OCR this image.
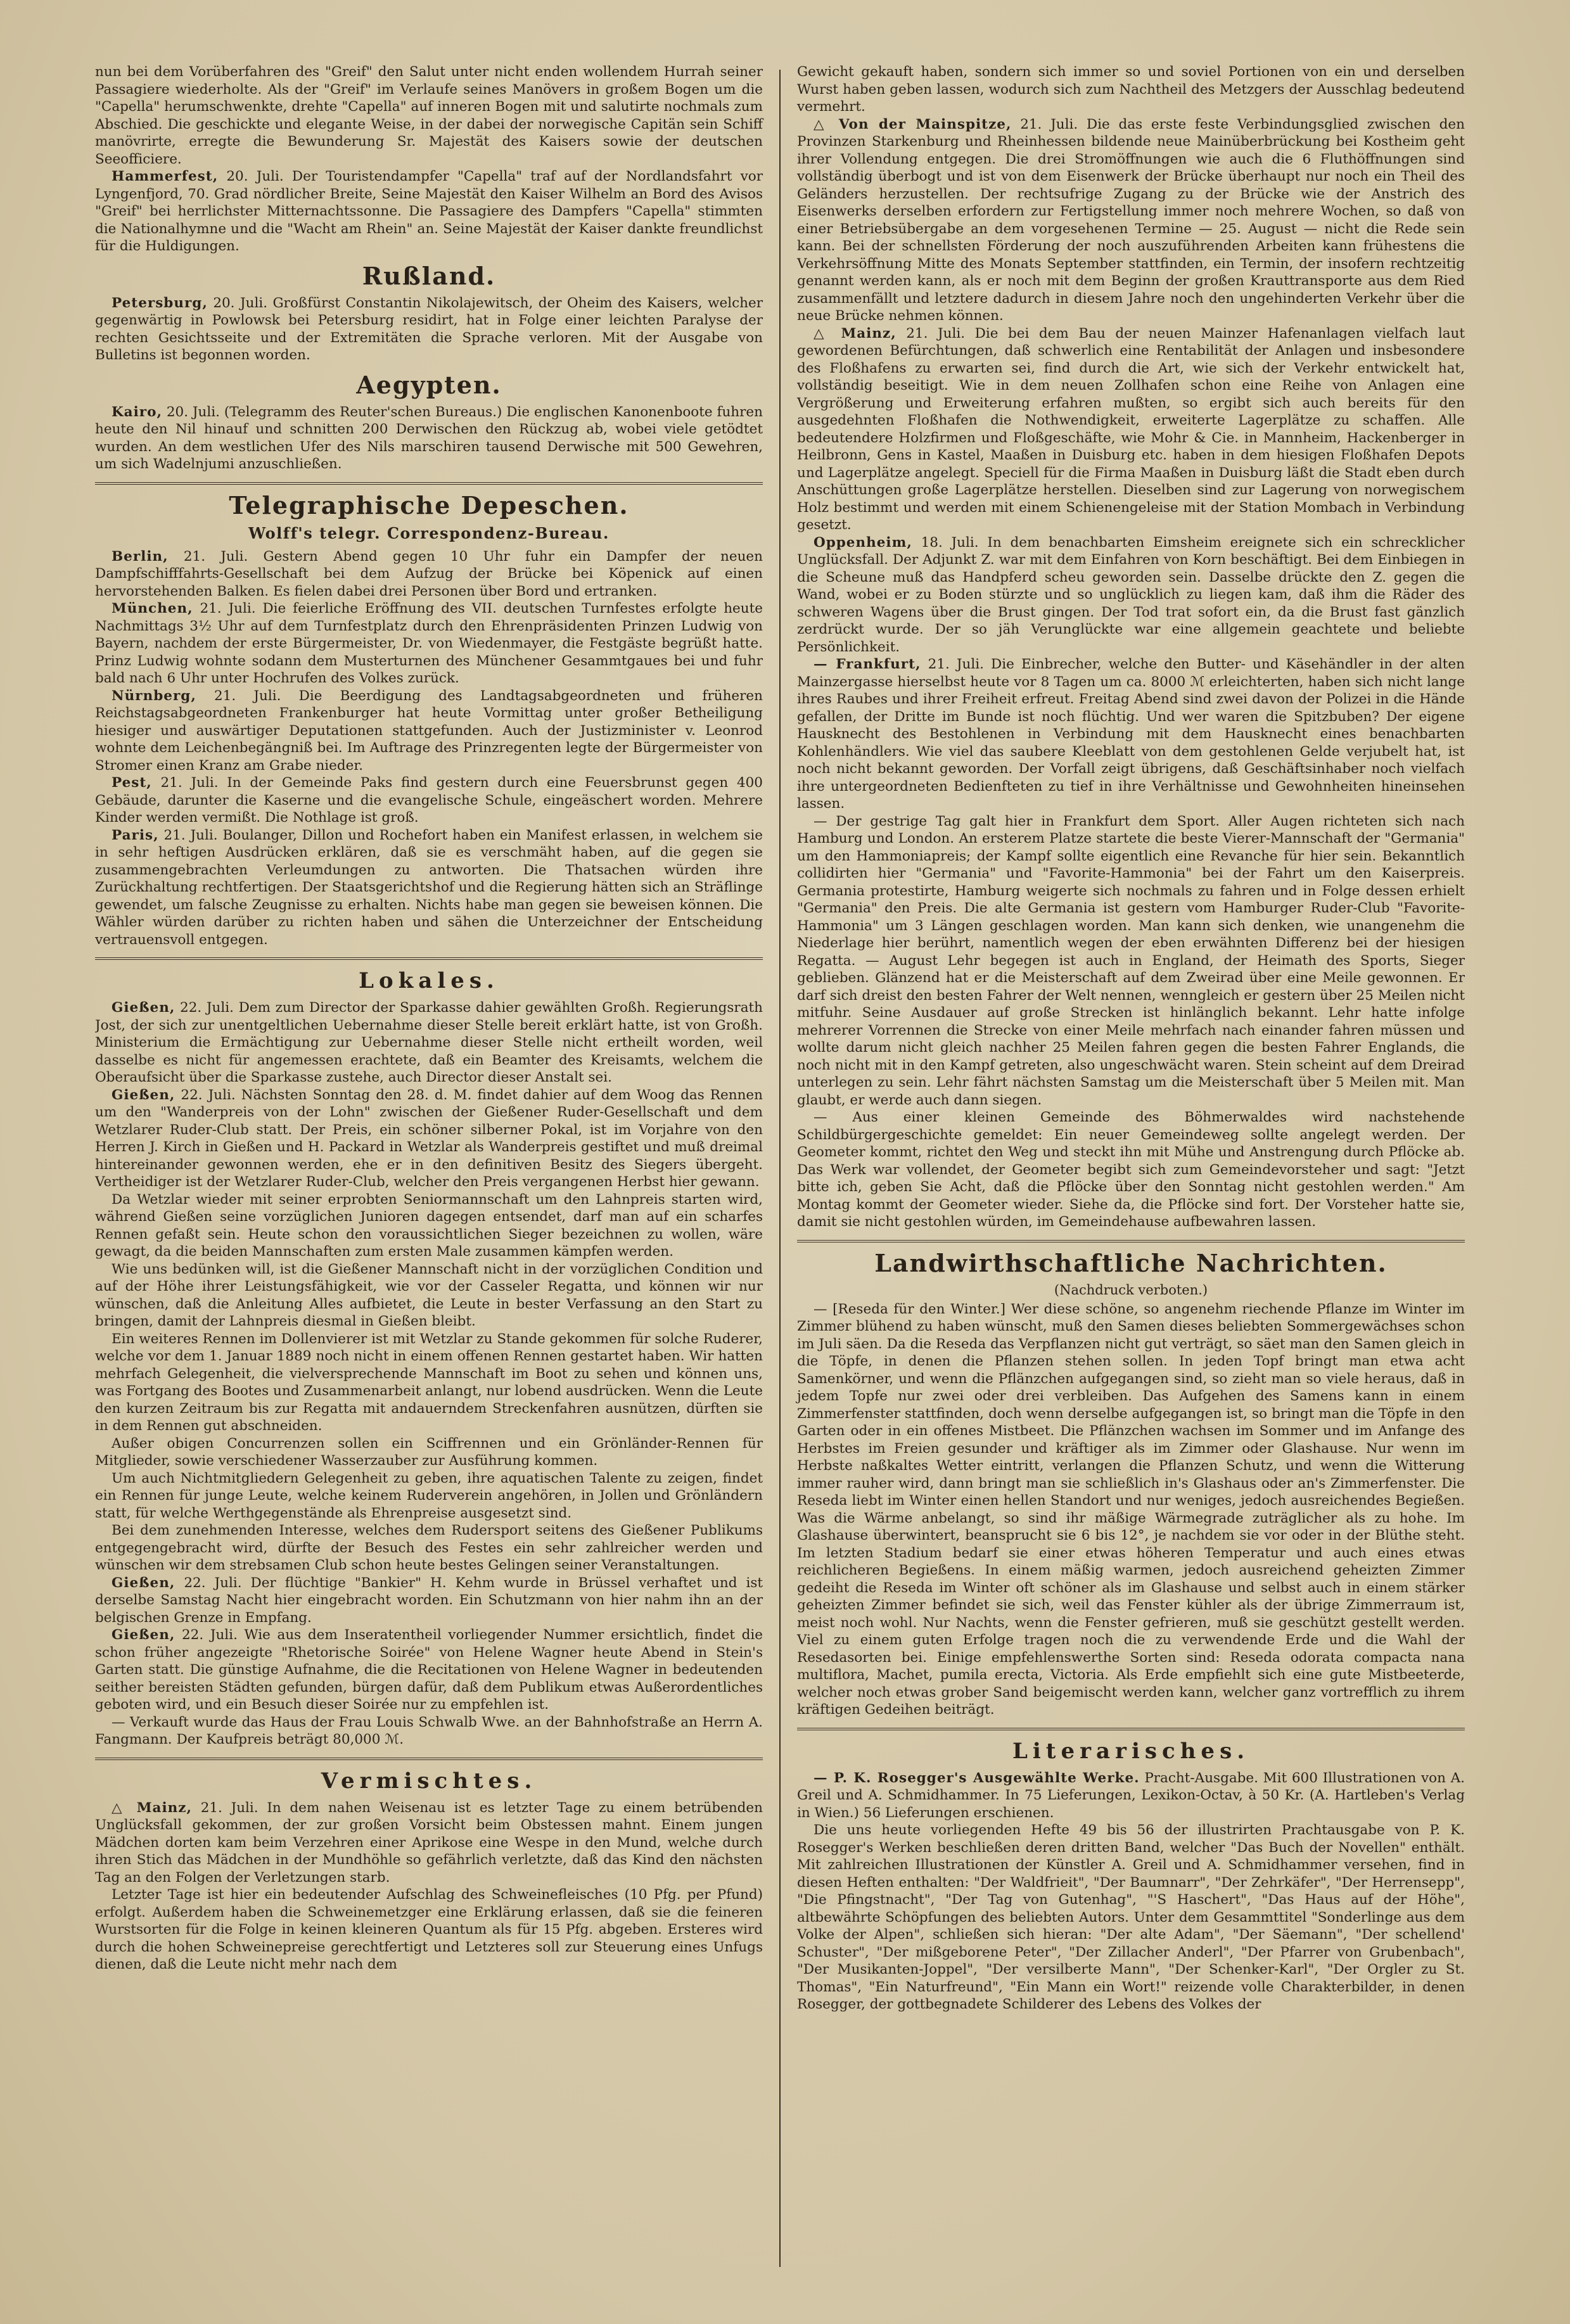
nun bei dem Vorüberfahren des "Greif" den Salut unter nicht enden wollendem Hurrah seiner Passagiere wiederholte. Als der "Greif" im Verlaufe seines Manövers in großem Bogen um die "Capella" herumschwenkte, drehte "Capella" auf inneren Bogen mit und salutirte nochmals zum Abschied. Die geschickte und elegante Weise, in der dabei der norwegische Capitän sein Schiff manövrirte, erregte die Bewunderung Sr. Majestät des Kaisers sowie der deutschen Seeofficiere.

Hammerfest, 20. Juli. Der Touristendampfer "Capella" traf auf der Nordlandsfahrt vor Lyngenfjord, 70. Grad nördlicher Breite, Seine Majestät den Kaiser Wilhelm an Bord des Avisos "Greif" bei herrlichster Mitternachtssonne. Die Passagiere des Dampfers "Capella" stimmten die Nationalhymne und die "Wacht am Rhein" an. Seine Majestät der Kaiser dankte freundlichst für die Huldigungen.

Rußland.

Petersburg, 20. Juli. Großfürst Constantin Nikolajewitsch, der Oheim des Kaisers, welcher gegenwärtig in Powlowsk bei Petersburg residirt, hat in Folge einer leichten Paralyse der rechten Gesichtsseite und der Extremitäten die Sprache verloren. Mit der Ausgabe von Bulletins ist begonnen worden.

Aegypten.

Kairo, 20. Juli. (Telegramm des Reuter'schen Bureaus.) Die englischen Kanonenboote fuhren heute den Nil hinauf und schnitten 200 Derwischen den Rückzug ab, wobei viele getödtet wurden. An dem westlichen Ufer des Nils marschiren tausend Derwische mit 500 Gewehren, um sich Wadelnjumi anzuschließen.

Telegraphische Depeschen.
Wolff's telegr. Correspondenz-Bureau.

Berlin, 21. Juli. Gestern Abend gegen 10 Uhr fuhr ein Dampfer der neuen Dampfschifffahrts-Gesellschaft bei dem Aufzug der Brücke bei Köpenick auf einen hervorstehenden Balken. Es fielen dabei drei Personen über Bord und ertranken.

München, 21. Juli. Die feierliche Eröffnung des VII. deutschen Turnfestes erfolgte heute Nachmittags 3½ Uhr auf dem Turnfestplatz durch den Ehrenpräsidenten Prinzen Ludwig von Bayern, nachdem der erste Bürgermeister, Dr. von Wiedenmayer, die Festgäste begrüßt hatte. Prinz Ludwig wohnte sodann dem Musterturnen des Münchener Gesammtgaues bei und fuhr bald nach 6 Uhr unter Hochrufen des Volkes zurück.

Nürnberg, 21. Juli. Die Beerdigung des Landtagsabgeordneten und früheren Reichstagsabgeordneten Frankenburger hat heute Vormittag unter großer Betheiligung hiesiger und auswärtiger Deputationen stattgefunden. Auch der Justizminister v. Leonrod wohnte dem Leichenbegängniß bei. Im Auftrage des Prinzregenten legte der Bürgermeister von Stromer einen Kranz am Grabe nieder.

Pest, 21. Juli. In der Gemeinde Paks find gestern durch eine Feuersbrunst gegen 400 Gebäude, darunter die Kaserne und die evangelische Schule, eingeäschert worden. Mehrere Kinder werden vermißt. Die Nothlage ist groß.

Paris, 21. Juli. Boulanger, Dillon und Rochefort haben ein Manifest erlassen, in welchem sie in sehr heftigen Ausdrücken erklären, daß sie es verschmäht haben, auf die gegen sie zusammengebrachten Verleumdungen zu antworten. Die Thatsachen würden ihre Zurückhaltung rechtfertigen. Der Staatsgerichtshof und die Regierung hätten sich an Sträflinge gewendet, um falsche Zeugnisse zu erhalten. Nichts habe man gegen sie beweisen können. Die Wähler würden darüber zu richten haben und sähen die Unterzeichner der Entscheidung vertrauensvoll entgegen.

Lokales.

Gießen, 22. Juli. Dem zum Director der Sparkasse dahier gewählten Großh. Regierungsrath Jost, der sich zur unentgeltlichen Uebernahme dieser Stelle bereit erklärt hatte, ist von Großh. Ministerium die Ermächtigung zur Uebernahme dieser Stelle nicht ertheilt worden, weil dasselbe es nicht für angemessen erachtete, daß ein Beamter des Kreisamts, welchem die Oberaufsicht über die Sparkasse zustehe, auch Director dieser Anstalt sei.

Gießen, 22. Juli. Nächsten Sonntag den 28. d. M. findet dahier auf dem Woog das Rennen um den "Wanderpreis von der Lohn" zwischen der Gießener Ruder-Gesellschaft und dem Wetzlarer Ruder-Club statt. Der Preis, ein schöner silberner Pokal, ist im Vorjahre von den Herren J. Kirch in Gießen und H. Packard in Wetzlar als Wanderpreis gestiftet und muß dreimal hintereinander gewonnen werden, ehe er in den definitiven Besitz des Siegers übergeht. Vertheidiger ist der Wetzlarer Ruder-Club, welcher den Preis vergangenen Herbst hier gewann.

Da Wetzlar wieder mit seiner erprobten Seniormannschaft um den Lahnpreis starten wird, während Gießen seine vorzüglichen Junioren dagegen entsendet, darf man auf ein scharfes Rennen gefaßt sein. Heute schon den voraussichtlichen Sieger bezeichnen zu wollen, wäre gewagt, da die beiden Mannschaften zum ersten Male zusammen kämpfen werden.

Wie uns bedünken will, ist die Gießener Mannschaft nicht in der vorzüglichen Condition und auf der Höhe ihrer Leistungsfähigkeit, wie vor der Casseler Regatta, und können wir nur wünschen, daß die Anleitung Alles aufbietet, die Leute in bester Verfassung an den Start zu bringen, damit der Lahnpreis diesmal in Gießen bleibt.

Ein weiteres Rennen im Dollenvierer ist mit Wetzlar zu Stande gekommen für solche Ruderer, welche vor dem 1. Januar 1889 noch nicht in einem offenen Rennen gestartet haben. Wir hatten mehrfach Gelegenheit, die vielversprechende Mannschaft im Boot zu sehen und können uns, was Fortgang des Bootes und Zusammenarbeit anlangt, nur lobend ausdrücken. Wenn die Leute den kurzen Zeitraum bis zur Regatta mit andauerndem Streckenfahren ausnützen, dürften sie in dem Rennen gut abschneiden.

Außer obigen Concurrenzen sollen ein Sciffrennen und ein Grönländer-Rennen für Mitglieder, sowie verschiedener Wasserzauber zur Ausführung kommen.

Um auch Nichtmitgliedern Gelegenheit zu geben, ihre aquatischen Talente zu zeigen, findet ein Rennen für junge Leute, welche keinem Ruderverein angehören, in Jollen und Grönländern statt, für welche Werthgegenstände als Ehrenpreise ausgesetzt sind.

Bei dem zunehmenden Interesse, welches dem Rudersport seitens des Gießener Publikums entgegengebracht wird, dürfte der Besuch des Festes ein sehr zahlreicher werden und wünschen wir dem strebsamen Club schon heute bestes Gelingen seiner Veranstaltungen.

Gießen, 22. Juli. Der flüchtige "Bankier" H. Kehm wurde in Brüssel verhaftet und ist derselbe Samstag Nacht hier eingebracht worden. Ein Schutzmann von hier nahm ihn an der belgischen Grenze in Empfang.

Gießen, 22. Juli. Wie aus dem Inseratentheil vorliegender Nummer ersichtlich, findet die schon früher angezeigte "Rhetorische Soirée" von Helene Wagner heute Abend in Stein's Garten statt. Die günstige Aufnahme, die die Recitationen von Helene Wagner in bedeutenden seither bereisten Städten gefunden, bürgen dafür, daß dem Publikum etwas Außerordentliches geboten wird, und ein Besuch dieser Soirée nur zu empfehlen ist.

— Verkauft wurde das Haus der Frau Louis Schwalb Wwe. an der Bahnhofstraße an Herrn A. Fangmann. Der Kaufpreis beträgt 80,000 ℳ.

Vermischtes.

△ Mainz, 21. Juli. In dem nahen Weisenau ist es letzter Tage zu einem betrübenden Unglücksfall gekommen, der zur großen Vorsicht beim Obstessen mahnt. Einem jungen Mädchen dorten kam beim Verzehren einer Aprikose eine Wespe in den Mund, welche durch ihren Stich das Mädchen in der Mundhöhle so gefährlich verletzte, daß das Kind den nächsten Tag an den Folgen der Verletzungen starb.

Letzter Tage ist hier ein bedeutender Aufschlag des Schweinefleisches (10 Pfg. per Pfund) erfolgt. Außerdem haben die Schweinemetzger eine Erklärung erlassen, daß sie die feineren Wurstsorten für die Folge in keinen kleineren Quantum als für 15 Pfg. abgeben. Ersteres wird durch die hohen Schweinepreise gerechtfertigt und Letzteres soll zur Steuerung eines Unfugs dienen, daß die Leute nicht mehr nach dem

Gewicht gekauft haben, sondern sich immer so und soviel Portionen von ein und derselben Wurst haben geben lassen, wodurch sich zum Nachtheil des Metzgers der Ausschlag bedeutend vermehrt.

△ Von der Mainspitze, 21. Juli. Die das erste feste Verbindungsglied zwischen den Provinzen Starkenburg und Rheinhessen bildende neue Mainüberbrückung bei Kostheim geht ihrer Vollendung entgegen. Die drei Stromöffnungen wie auch die 6 Fluthöffnungen sind vollständig überbogt und ist von dem Eisenwerk der Brücke überhaupt nur noch ein Theil des Geländers herzustellen. Der rechtsufrige Zugang zu der Brücke wie der Anstrich des Eisenwerks derselben erfordern zur Fertigstellung immer noch mehrere Wochen, so daß von einer Betriebsübergabe an dem vorgesehenen Termine — 25. August — nicht die Rede sein kann. Bei der schnellsten Förderung der noch auszuführenden Arbeiten kann frühestens die Verkehrsöffnung Mitte des Monats September stattfinden, ein Termin, der insofern rechtzeitig genannt werden kann, als er noch mit dem Beginn der großen Krauttransporte aus dem Ried zusammenfällt und letztere dadurch in diesem Jahre noch den ungehinderten Verkehr über die neue Brücke nehmen können.

△ Mainz, 21. Juli. Die bei dem Bau der neuen Mainzer Hafenanlagen vielfach laut gewordenen Befürchtungen, daß schwerlich eine Rentabilität der Anlagen und insbesondere des Floßhafens zu erwarten sei, find durch die Art, wie sich der Verkehr entwickelt hat, vollständig beseitigt. Wie in dem neuen Zollhafen schon eine Reihe von Anlagen eine Vergrößerung und Erweiterung erfahren mußten, so ergibt sich auch bereits für den ausgedehnten Floßhafen die Nothwendigkeit, erweiterte Lagerplätze zu schaffen. Alle bedeutendere Holzfirmen und Floßgeschäfte, wie Mohr & Cie. in Mannheim, Hackenberger in Heilbronn, Gens in Kastel, Maaßen in Duisburg etc. haben in dem hiesigen Floßhafen Depots und Lagerplätze angelegt. Speciell für die Firma Maaßen in Duisburg läßt die Stadt eben durch Anschüttungen große Lagerplätze herstellen. Dieselben sind zur Lagerung von norwegischem Holz bestimmt und werden mit einem Schienengeleise mit der Station Mombach in Verbindung gesetzt.

Oppenheim, 18. Juli. In dem benachbarten Eimsheim ereignete sich ein schrecklicher Unglücksfall. Der Adjunkt Z. war mit dem Einfahren von Korn beschäftigt. Bei dem Einbiegen in die Scheune muß das Handpferd scheu geworden sein. Dasselbe drückte den Z. gegen die Wand, wobei er zu Boden stürzte und so unglücklich zu liegen kam, daß ihm die Räder des schweren Wagens über die Brust gingen. Der Tod trat sofort ein, da die Brust fast gänzlich zerdrückt wurde. Der so jäh Verunglückte war eine allgemein geachtete und beliebte Persönlichkeit.

— Frankfurt, 21. Juli. Die Einbrecher, welche den Butter- und Käsehändler in der alten Mainzergasse hierselbst heute vor 8 Tagen um ca. 8000 ℳ erleichterten, haben sich nicht lange ihres Raubes und ihrer Freiheit erfreut. Freitag Abend sind zwei davon der Polizei in die Hände gefallen, der Dritte im Bunde ist noch flüchtig. Und wer waren die Spitzbuben? Der eigene Hausknecht des Bestohlenen in Verbindung mit dem Hausknecht eines benachbarten Kohlenhändlers. Wie viel das saubere Kleeblatt von dem gestohlenen Gelde verjubelt hat, ist noch nicht bekannt geworden. Der Vorfall zeigt übrigens, daß Geschäftsinhaber noch vielfach ihre untergeordneten Bedienfteten zu tief in ihre Verhältnisse und Gewohnheiten hineinsehen lassen.

— Der gestrige Tag galt hier in Frankfurt dem Sport. Aller Augen richteten sich nach Hamburg und London. An ersterem Platze startete die beste Vierer-Mannschaft der "Germania" um den Hammoniapreis; der Kampf sollte eigentlich eine Revanche für hier sein. Bekanntlich collidirten hier "Germania" und "Favorite-Hammonia" bei der Fahrt um den Kaiserpreis. Germania protestirte, Hamburg weigerte sich nochmals zu fahren und in Folge dessen erhielt "Germania" den Preis. Die alte Germania ist gestern vom Hamburger Ruder-Club "Favorite-Hammonia" um 3 Längen geschlagen worden. Man kann sich denken, wie unangenehm die Niederlage hier berührt, namentlich wegen der eben erwähnten Differenz bei der hiesigen Regatta. — August Lehr begegen ist auch in England, der Heimath des Sports, Sieger geblieben. Glänzend hat er die Meisterschaft auf dem Zweirad über eine Meile gewonnen. Er darf sich dreist den besten Fahrer der Welt nennen, wenngleich er gestern über 25 Meilen nicht mitfuhr. Seine Ausdauer auf große Strecken ist hinlänglich bekannt. Lehr hatte infolge mehrerer Vorrennen die Strecke von einer Meile mehrfach nach einander fahren müssen und wollte darum nicht gleich nachher 25 Meilen fahren gegen die besten Fahrer Englands, die noch nicht mit in den Kampf getreten, also ungeschwächt waren. Stein scheint auf dem Dreirad unterlegen zu sein. Lehr fährt nächsten Samstag um die Meisterschaft über 5 Meilen mit. Man glaubt, er werde auch dann siegen.

— Aus einer kleinen Gemeinde des Böhmerwaldes wird nachstehende Schildbürgergeschichte gemeldet: Ein neuer Gemeindeweg sollte angelegt werden. Der Geometer kommt, richtet den Weg und steckt ihn mit Mühe und Anstrengung durch Pflöcke ab. Das Werk war vollendet, der Geometer begibt sich zum Gemeindevorsteher und sagt: "Jetzt bitte ich, geben Sie Acht, daß die Pflöcke über den Sonntag nicht gestohlen werden." Am Montag kommt der Geometer wieder. Siehe da, die Pflöcke sind fort. Der Vorsteher hatte sie, damit sie nicht gestohlen würden, im Gemeindehause aufbewahren lassen.

Landwirthschaftliche Nachrichten.
(Nachdruck verboten.)

— [Reseda für den Winter.] Wer diese schöne, so angenehm riechende Pflanze im Winter im Zimmer blühend zu haben wünscht, muß den Samen dieses beliebten Sommergewächses schon im Juli säen. Da die Reseda das Verpflanzen nicht gut verträgt, so säet man den Samen gleich in die Töpfe, in denen die Pflanzen stehen sollen. In jeden Topf bringt man etwa acht Samenkörner, und wenn die Pflänzchen aufgegangen sind, so zieht man so viele heraus, daß in jedem Topfe nur zwei oder drei verbleiben. Das Aufgehen des Samens kann in einem Zimmerfenster stattfinden, doch wenn derselbe aufgegangen ist, so bringt man die Töpfe in den Garten oder in ein offenes Mistbeet. Die Pflänzchen wachsen im Sommer und im Anfange des Herbstes im Freien gesunder und kräftiger als im Zimmer oder Glashause. Nur wenn im Herbste naßkaltes Wetter eintritt, verlangen die Pflanzen Schutz, und wenn die Witterung immer rauher wird, dann bringt man sie schließlich in's Glashaus oder an's Zimmerfenster. Die Reseda liebt im Winter einen hellen Standort und nur weniges, jedoch ausreichendes Begießen. Was die Wärme anbelangt, so sind ihr mäßige Wärmegrade zuträglicher als zu hohe. Im Glashause überwintert, beansprucht sie 6 bis 12°, je nachdem sie vor oder in der Blüthe steht. Im letzten Stadium bedarf sie einer etwas höheren Temperatur und auch eines etwas reichlicheren Begießens. In einem mäßig warmen, jedoch ausreichend geheizten Zimmer gedeiht die Reseda im Winter oft schöner als im Glashause und selbst auch in einem stärker geheizten Zimmer befindet sie sich, weil das Fenster kühler als der übrige Zimmerraum ist, meist noch wohl. Nur Nachts, wenn die Fenster gefrieren, muß sie geschützt gestellt werden. Viel zu einem guten Erfolge tragen noch die zu verwendende Erde und die Wahl der Resedasorten bei. Einige empfehlenswerthe Sorten sind: Reseda odorata compacta nana multiflora, Machet, pumila erecta, Victoria. Als Erde empfiehlt sich eine gute Mistbeeterde, welcher noch etwas grober Sand beigemischt werden kann, welcher ganz vortrefflich zu ihrem kräftigen Gedeihen beiträgt.

Literarisches.

— P. K. Rosegger's Ausgewählte Werke. Pracht-Ausgabe. Mit 600 Illustrationen von A. Greil und A. Schmidhammer. In 75 Lieferungen, Lexikon-Octav, à 50 Kr. (A. Hartleben's Verlag in Wien.) 56 Lieferungen erschienen.

Die uns heute vorliegenden Hefte 49 bis 56 der illustrirten Prachtausgabe von P. K. Rosegger's Werken beschließen deren dritten Band, welcher "Das Buch der Novellen" enthält. Mit zahlreichen Illustrationen der Künstler A. Greil und A. Schmidhammer versehen, find in diesen Heften enthalten: "Der Waldfrieit", "Der Baumnarr", "Der Zehrkäfer", "Der Herrensepp", "Die Pfingstnacht", "Der Tag von Gutenhag", "'S Haschert", "Das Haus auf der Höhe", altbewährte Schöpfungen des beliebten Autors. Unter dem Gesammttitel "Sonderlinge aus dem Volke der Alpen", schließen sich hieran: "Der alte Adam", "Der Säemann", "Der schellend' Schuster", "Der mißgeborene Peter", "Der Zillacher Anderl", "Der Pfarrer von Grubenbach", "Der Musikanten-Joppel", "Der versilberte Mann", "Der Schenker-Karl", "Der Orgler zu St. Thomas", "Ein Naturfreund", "Ein Mann ein Wort!" reizende volle Charakterbilder, in denen Rosegger, der gottbegnadete Schilderer des Lebens des Volkes der
